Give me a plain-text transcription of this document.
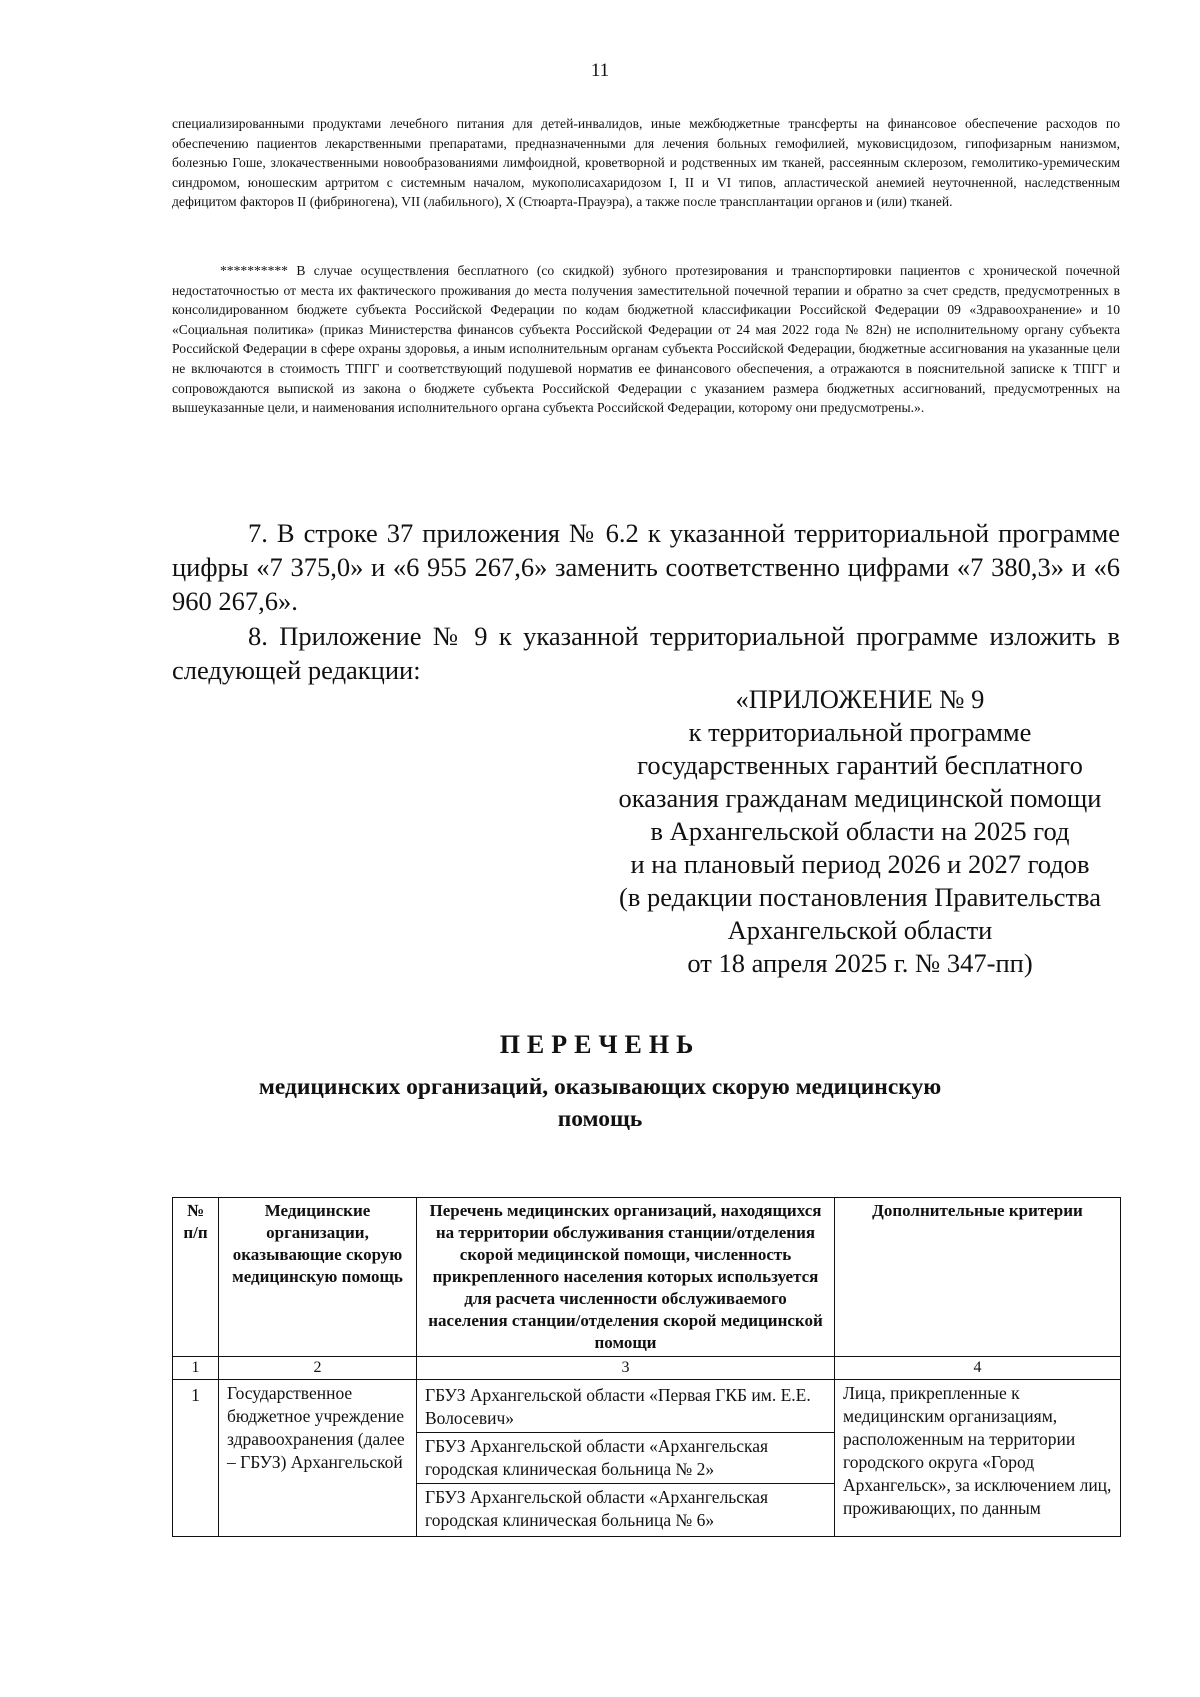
11
специализированными продуктами лечебного питания для детей-инвалидов, иные межбюджетные трансферты на финансовое обеспечение расходов по обеспечению пациентов лекарственными препаратами, предназначенными для лечения больных гемофилией, муковисцидозом, гипофизарным нанизмом, болезнью Гоше, злокачественными новообразованиями лимфоидной, кроветворной и родственных им тканей, рассеянным склерозом, гемолитико-уремическим синдромом, юношеским артритом с системным началом, мукополисахаридозом I, II и VI типов, апластической анемией неуточненной, наследственным дефицитом факторов II (фибриногена), VII (лабильного), X (Стюарта-Прауэра), а также после трансплантации органов и (или) тканей.
********** В случае осуществления бесплатного (со скидкой) зубного протезирования и транспортировки пациентов с хронической почечной недостаточностью от места их фактического проживания до места получения заместительной почечной терапии и обратно за счет средств, предусмотренных в консолидированном бюджете субъекта Российской Федерации по кодам бюджетной классификации Российской Федерации 09 «Здравоохранение» и 10 «Социальная политика» (приказ Министерства финансов субъекта Российской Федерации от 24 мая 2022 года № 82н) не исполнительному органу субъекта Российской Федерации в сфере охраны здоровья, а иным исполнительным органам субъекта Российской Федерации, бюджетные ассигнования на указанные цели не включаются в стоимость ТПГГ и соответствующий подушевой норматив ее финансового обеспечения, а отражаются в пояснительной записке к ТПГГ и сопровождаются выпиской из закона о бюджете субъекта Российской Федерации с указанием размера бюджетных ассигнований, предусмотренных на вышеуказанные цели, и наименования исполнительного органа субъекта Российской Федерации, которому они предусмотрены.».
7. В строке 37 приложения № 6.2 к указанной территориальной программе цифры «7 375,0» и «6 955 267,6» заменить соответственно цифрами «7 380,3» и «6 960 267,6».
8. Приложение № 9 к указанной территориальной программе изложить в следующей редакции:
«ПРИЛОЖЕНИЕ № 9
к территориальной программе
государственных гарантий бесплатного
оказания гражданам медицинской помощи
в Архангельской области на 2025 год
и на плановый период 2026 и 2027 годов
(в редакции постановления Правительства
Архангельской области
от 18 апреля 2025 г. № 347-пп)
ПЕРЕЧЕНЬ
медицинских организаций, оказывающих скорую медицинскую помощь
№ п/п	Медицинские организации, оказывающие скорую медицинскую помощь	Перечень медицинских организаций, находящихся на территории обслуживания станции/отделения скорой медицинской помощи, численность прикрепленного населения которых используется для расчета численности обслуживаемого населения станции/отделения скорой медицинской помощи	Дополнительные критерии
1	2	3	4
1	Государственное бюджетное учреждение здравоохранения (далее – ГБУЗ) Архангельской	ГБУЗ Архангельской области «Первая ГКБ им. Е.Е. Волосевич»
ГБУЗ Архангельской области «Архангельская городская клиническая больница № 2»
ГБУЗ Архангельской области «Архангельская городская клиническая больница № 6»	Лица, прикрепленные к медицинским организациям, расположенным на территории городского округа «Город Архангельск», за исключением лиц, проживающих, по данным
